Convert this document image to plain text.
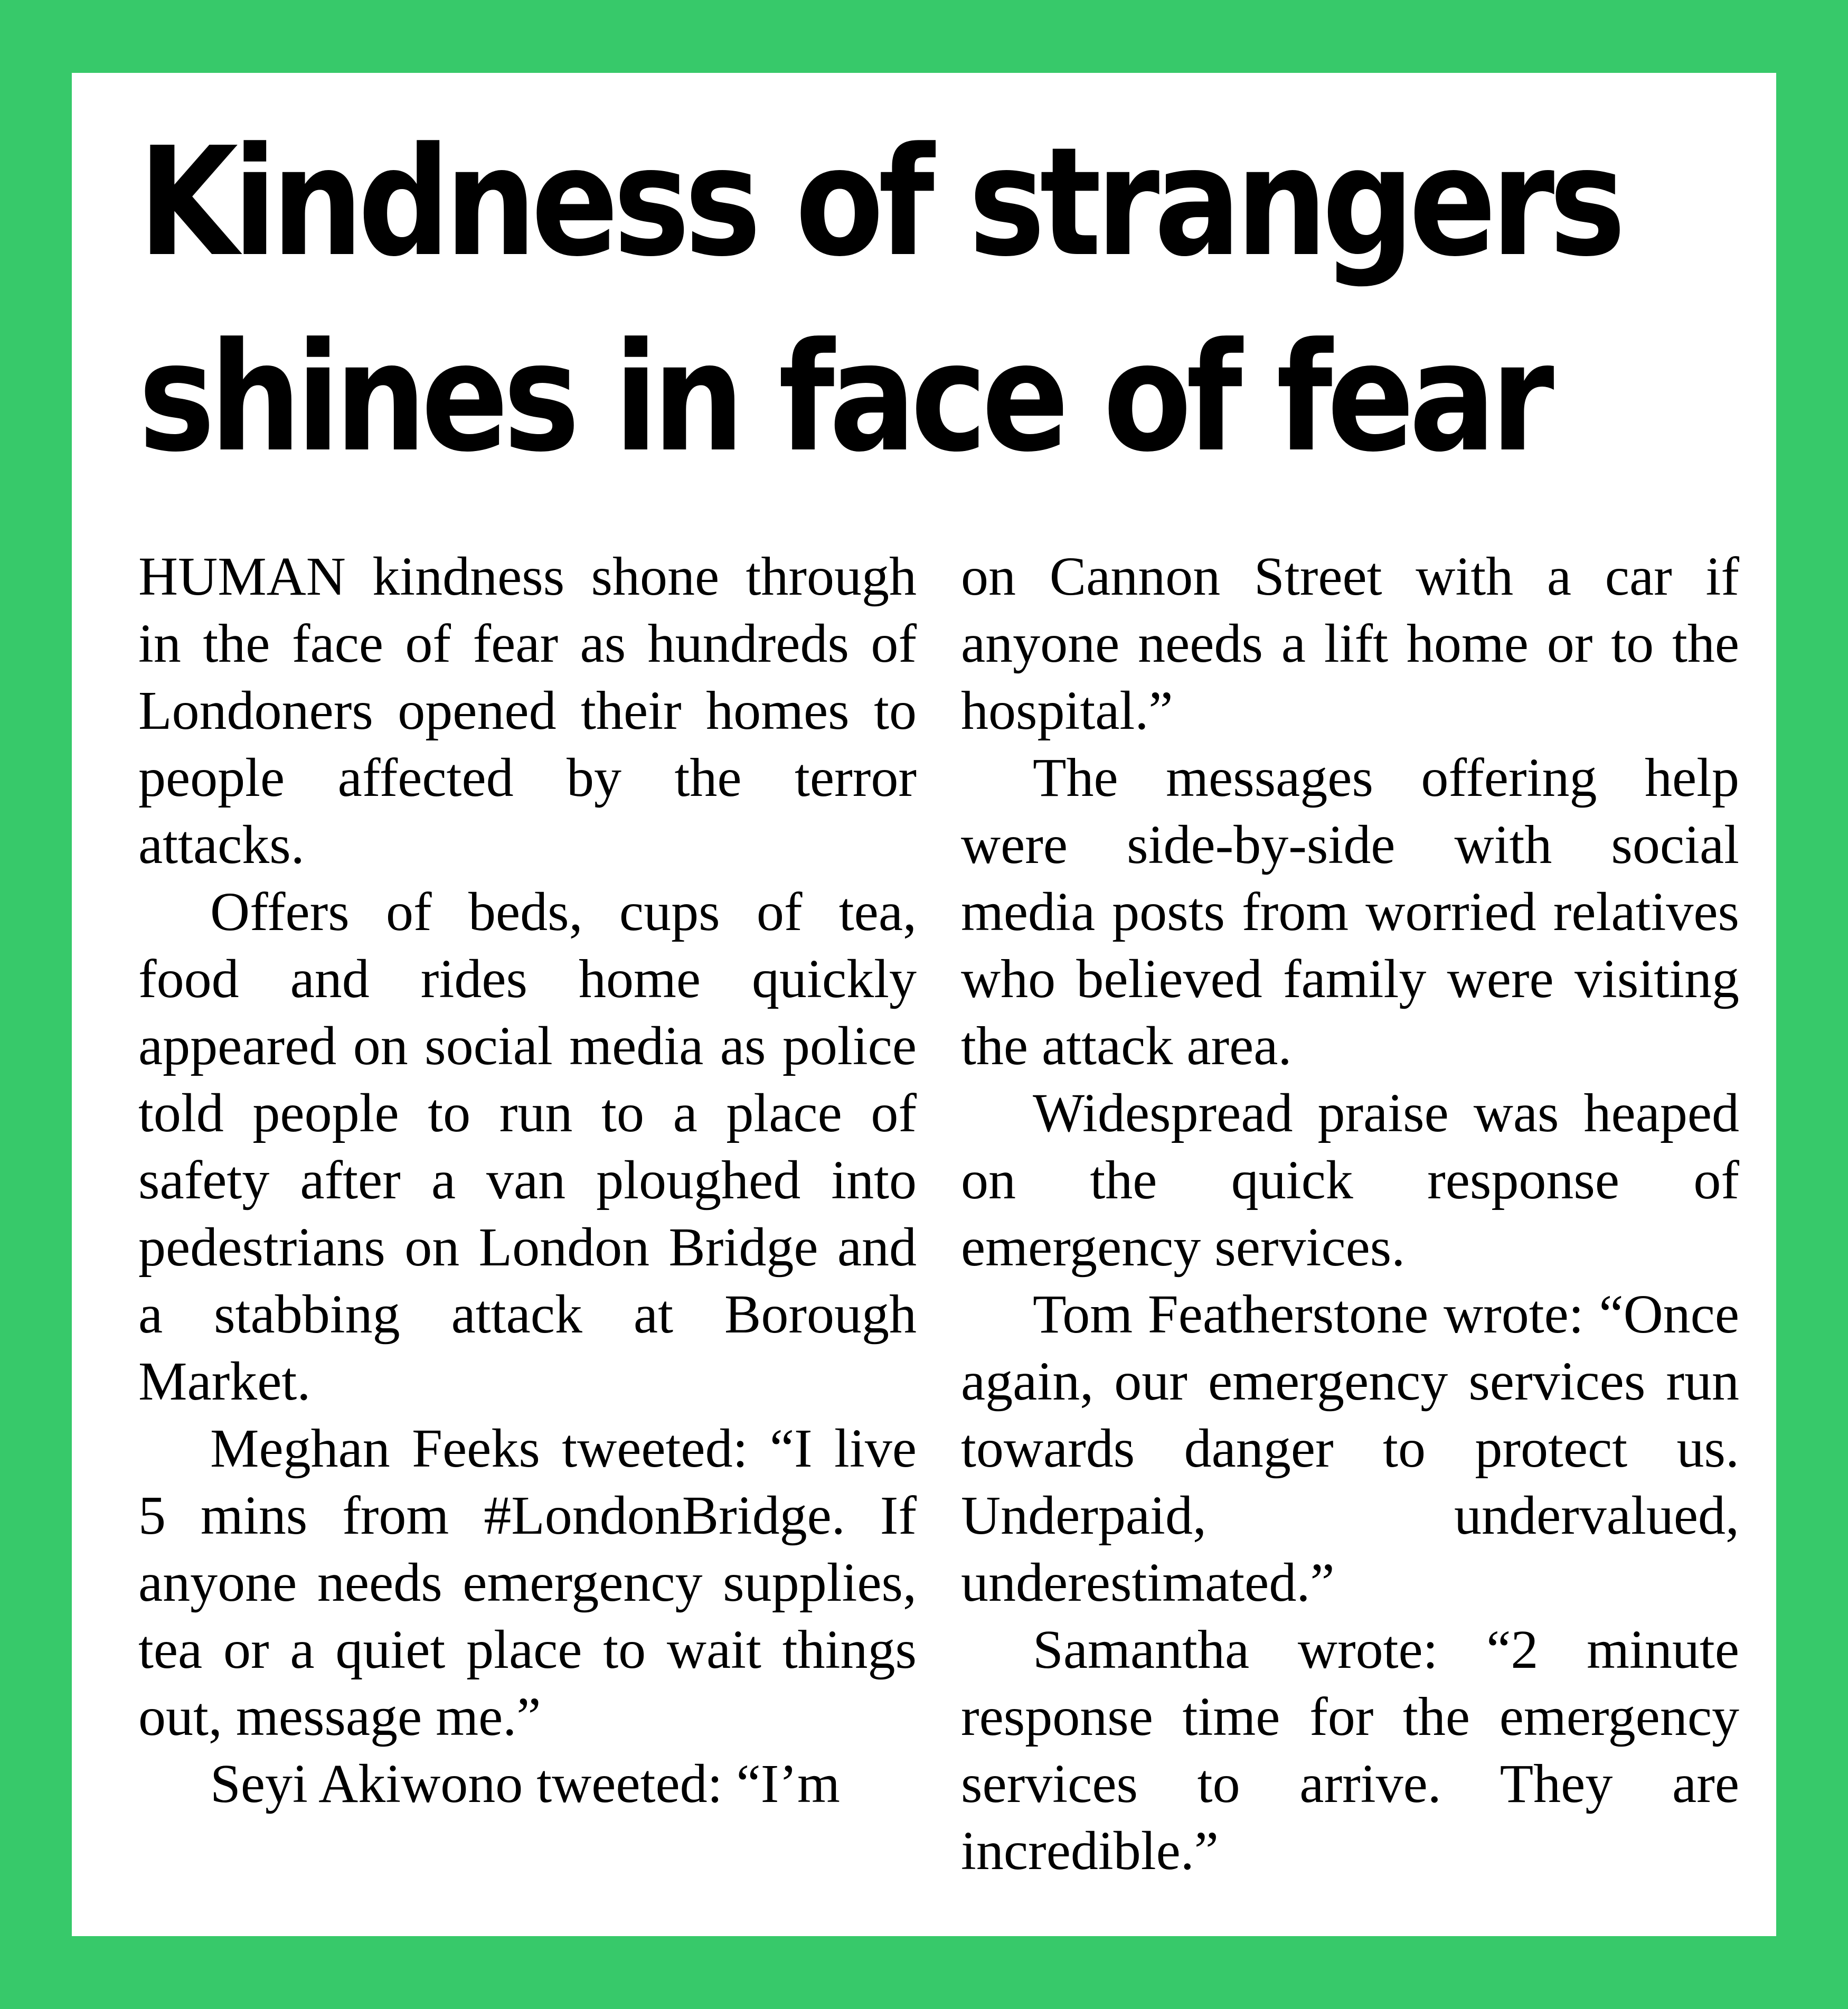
Kindness of strangers
shines in face of fear

HUMAN kindness shone through in the face of fear as hundreds of Londoners opened their homes to people affected by the terror attacks.

Offers of beds, cups of tea, food and rides home quickly appeared on social media as police told people to run to a place of safety after a van ploughed into pedestrians on London Bridge and a stabbing attack at Borough Market.

Meghan Feeks tweeted: “I live 5 mins from #LondonBridge. If anyone needs emergency supplies, tea or a quiet place to wait things out, message me.”

Seyi Akiwono tweeted: “I’m

on Cannon Street with a car if anyone needs a lift home or to the hospital.”

The messages offering help were side-by-side with social media posts from worried relatives who believed family were visiting the attack area.

Widespread praise was heaped on the quick response of emergency services.

Tom Featherstone wrote: “Once again, our emergency services run towards danger to protect us. Underpaid, undervalued, underestimated.”

Samantha wrote: “2 minute response time for the emergency services to arrive. They are incredible.”
